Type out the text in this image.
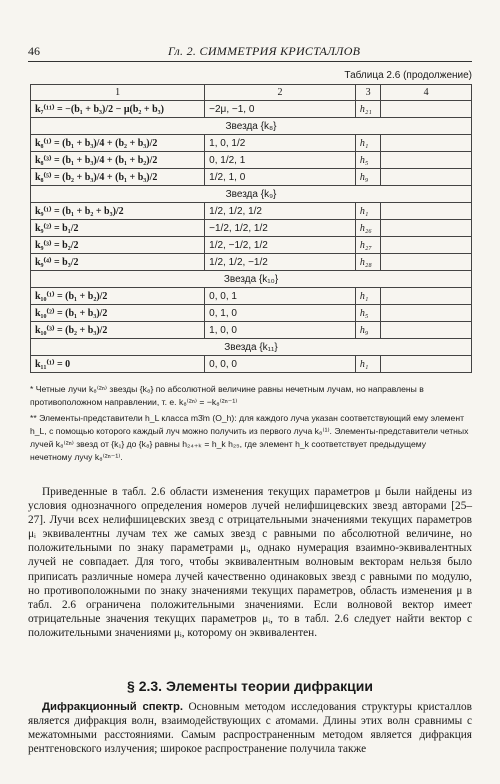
46	Гл. 2. СИММЕТРИЯ КРИСТАЛЛОВ
Таблица 2.6 (продолжение)
1	2	3	4
k₇⁽¹¹⁾ = −(b₁ + b₃)/2 − μ(b₂ + b₃)	−2μ, −1, 0	h₂₁	
Звезда {k₈}			
k₈⁽¹⁾ = (b₁ + b₃)/4 + (b₂ + b₃)/2	1, 0, 1/2	h₁	
k₈⁽³⁾ = (b₁ + b₃)/4 + (b₁ + b₂)/2	0, 1/2, 1	h₅	
k₈⁽⁵⁾ = (b₂ + b₃)/4 + (b₁ + b₃)/2	1/2, 1, 0	h₉	
Звезда {k₉}			
k₉⁽¹⁾ = (b₁ + b₂ + b₃)/2	1/2, 1/2, 1/2	h₁	
k₉⁽²⁾ = b₁/2	−1/2, 1/2, 1/2	h₂₆	
k₉⁽³⁾ = b₂/2	1/2, −1/2, 1/2	h₂₇	
k₉⁽⁴⁾ = b₃/2	1/2, 1/2, −1/2	h₂₈	
Звезда {k₁₀}			
k₁₀⁽¹⁾ = (b₁ + b₂)/2	0, 0, 1	h₁	
k₁₀⁽²⁾ = (b₁ + b₃)/2	0, 1, 0	h₅	
k₁₀⁽³⁾ = (b₂ + b₃)/2	1, 0, 0	h₉	
Звезда {k₁₁}			
k₁₁⁽¹⁾ = 0	0, 0, 0	h₁	

* Четные лучи k₈⁽²ⁿ⁾ звезды {k₈} по абсолютной величине равны нечетным лучам, но направлены в противоположном направлении, т. е. k₈⁽²ⁿ⁾ = −k₈⁽²ⁿ⁻¹⁾

** Элементы-представители h_L класса m3̄m (O_h): для каждого луча указан соответствующий ему элемент h_L, с помощью которого каждый луч можно получить из первого луча k₈⁽¹⁾. Элементы-представители четных лучей k₈⁽²ⁿ⁾ звезд от {k₁} до {k₈} равны h₂₄₊ₖ = h_k h₂₅, где элемент h_k соответствует предыдущему нечетному лучу k₈⁽²ⁿ⁻¹⁾.

Приведенные в табл. 2.6 области изменения текущих параметров μ были найдены из условия однозначного определения номеров лучей нелифшицевских звезд авторами [25–27]. Лучи всех нелифшицевских звезд с отрицательными значениями текущих параметров μᵢ эквивалентны лучам тех же самых звезд с равными по абсолютной величине, но положительными по знаку параметрами μᵢ, однако нумерация взаимно-эквивалентных лучей не совпадает. Для того, чтобы эквивалентным волновым векторам нельзя было приписать различные номера лучей качественно одинаковых звезд с равными по модулю, но противоположными по знаку значениями текущих параметров, область изменения μ в табл. 2.6 ограничена положительными значениями. Если волновой вектор имеет отрицательные значения текущих параметров μᵢ, то в табл. 2.6 следует найти вектор с положительными значениями μᵢ, которому он эквивалентен.

§ 2.3. Элементы теории дифракции

Дифракционный спектр. Основным методом исследования структуры кристаллов является дифракция волн, взаимодействующих с атомами. Длины этих волн сравнимы с межатомными расстояниями. Самым распространенным методом является дифракция рентгеновского излучения; широкое распространение получила также
